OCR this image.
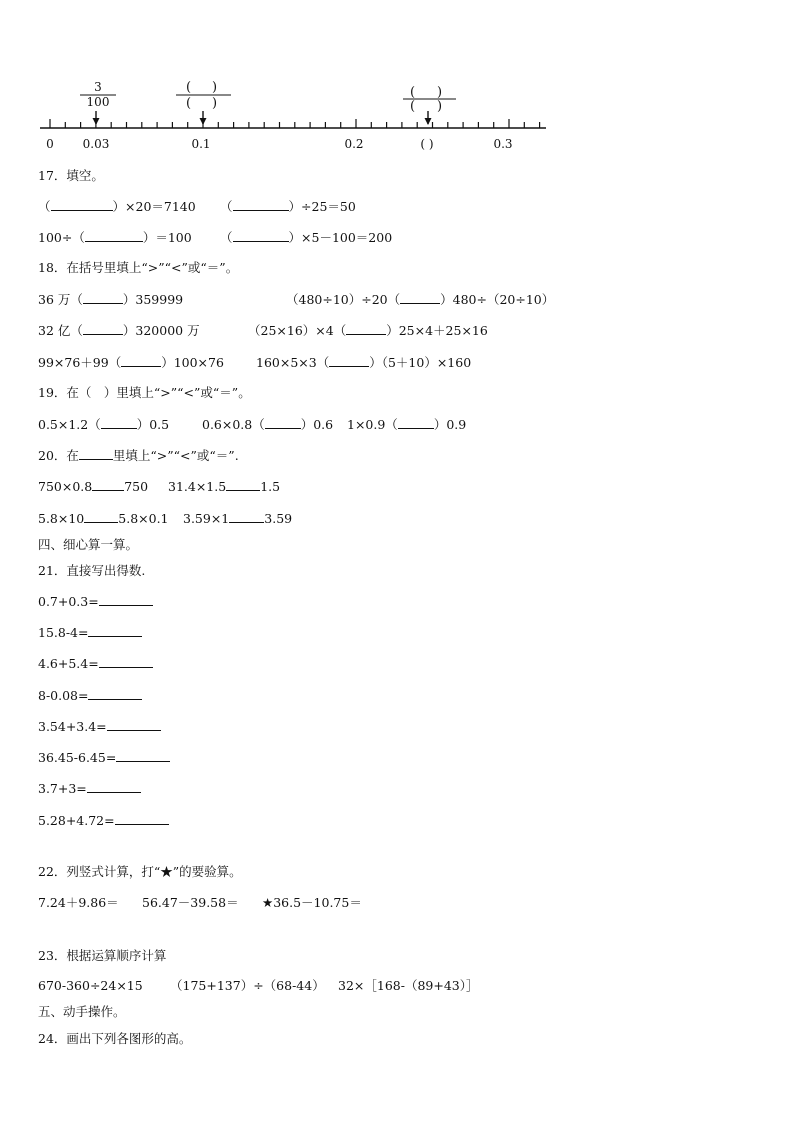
3
100
( )
( )
( )
( )
0 0.03	0.1	0.2	( )	0.3
17．填空。
（	）×20＝7140 （	）÷25＝50
100÷（	）＝100 （	）×5－100＝200
18．在括号里填上“>”“<”或“＝”。
36 万（	）359999	（480÷10）÷20（	）480÷（20÷10）
32 亿（	）320000 万	（25×16）×4（	）25×4＋25×16
99×76＋99（	）100×76	160×5×3（	）（5＋10）×160
19．在（　）里填上“>”“<”或“＝”。
0.5×1.2（	）0.5	0.6×0.8（	）0.6 1×0.9（	）0.9
20．在	里填上“>”“<”或“＝”.
750×0.8	750 31.4×1.5	1.5
5.8×10	5.8×0.1 3.59×1	3.59
四、细心算一算。
21．直接写出得数.
0.7+0.3=
15.8-4=
4.6+5.4=
8-0.08=
3.54+3.4=
36.45-6.45=
3.7+3=
5.28+4.72=
22．列竖式计算，打“★”的要验算。
7.24＋9.86＝ 56.47－39.58＝ ★36.5－10.75＝
23．根据运算顺序计算
670-360÷24×15 （175+137）÷（68-44） 32×［168-（89+43）］
五、动手操作。
24．画出下列各图形的高。
